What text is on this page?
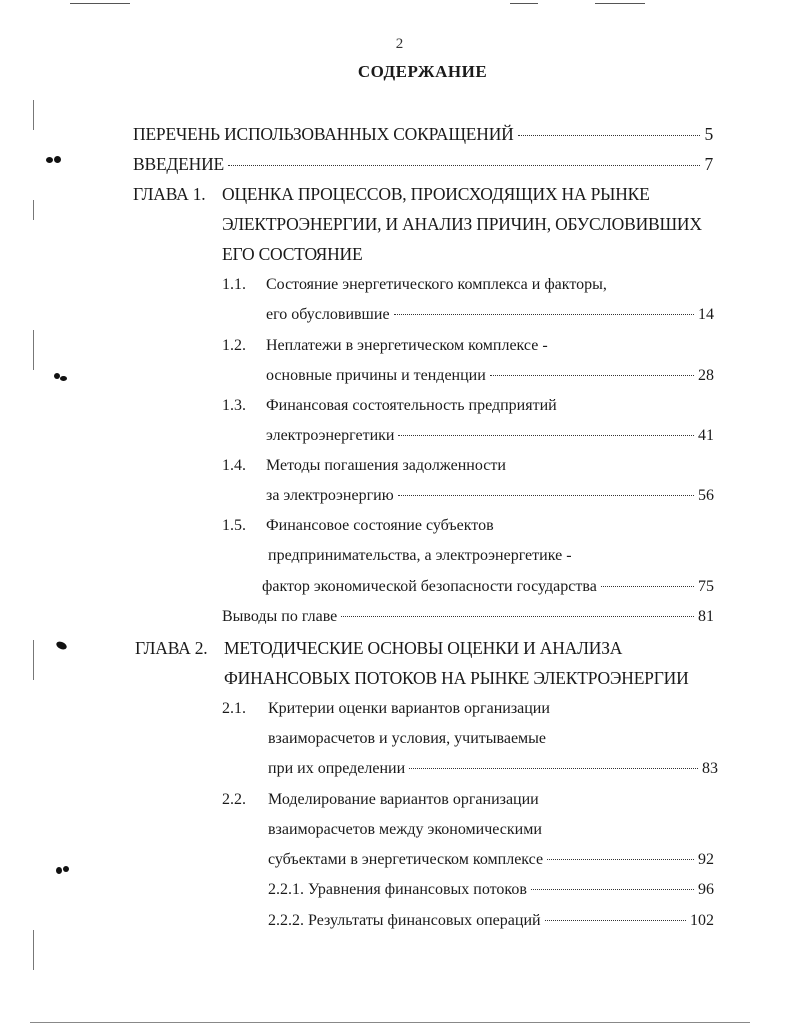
2
СОДЕРЖАНИЕ
ПЕРЕЧЕНЬ ИСПОЛЬЗОВАННЫХ СОКРАЩЕНИЙ	5
ВВЕДЕНИЕ	7
ГЛАВА 1. ОЦЕНКА ПРОЦЕССОВ, ПРОИСХОДЯЩИХ НА РЫНКЕ
ЭЛЕКТРОЭНЕРГИИ, И АНАЛИЗ ПРИЧИН, ОБУСЛОВИВШИХ
ЕГО СОСТОЯНИЕ
1.1. Состояние энергетического комплекса и факторы,
его обусловившие	14
1.2. Неплатежи в энергетическом комплексе -
основные причины и тенденции	28
1.3. Финансовая состоятельность предприятий
электроэнергетики	41
1.4. Методы погашения задолженности
за электроэнергию	56
1.5. Финансовое состояние субъектов
предпринимательства, а электроэнергетике -
фактор экономической безопасности государства	75
Выводы по главе	81
ГЛАВА 2. МЕТОДИЧЕСКИЕ ОСНОВЫ ОЦЕНКИ И АНАЛИЗА
ФИНАНСОВЫХ ПОТОКОВ НА РЫНКЕ ЭЛЕКТРОЭНЕРГИИ
2.1. Критерии оценки вариантов организации
взаиморасчетов и условия, учитываемые
при их определении	83
2.2. Моделирование вариантов организации
взаиморасчетов между экономическими
субъектами в энергетическом комплексе	92
2.2.1. Уравнения финансовых потоков	96
2.2.2. Результаты финансовых операций	102
